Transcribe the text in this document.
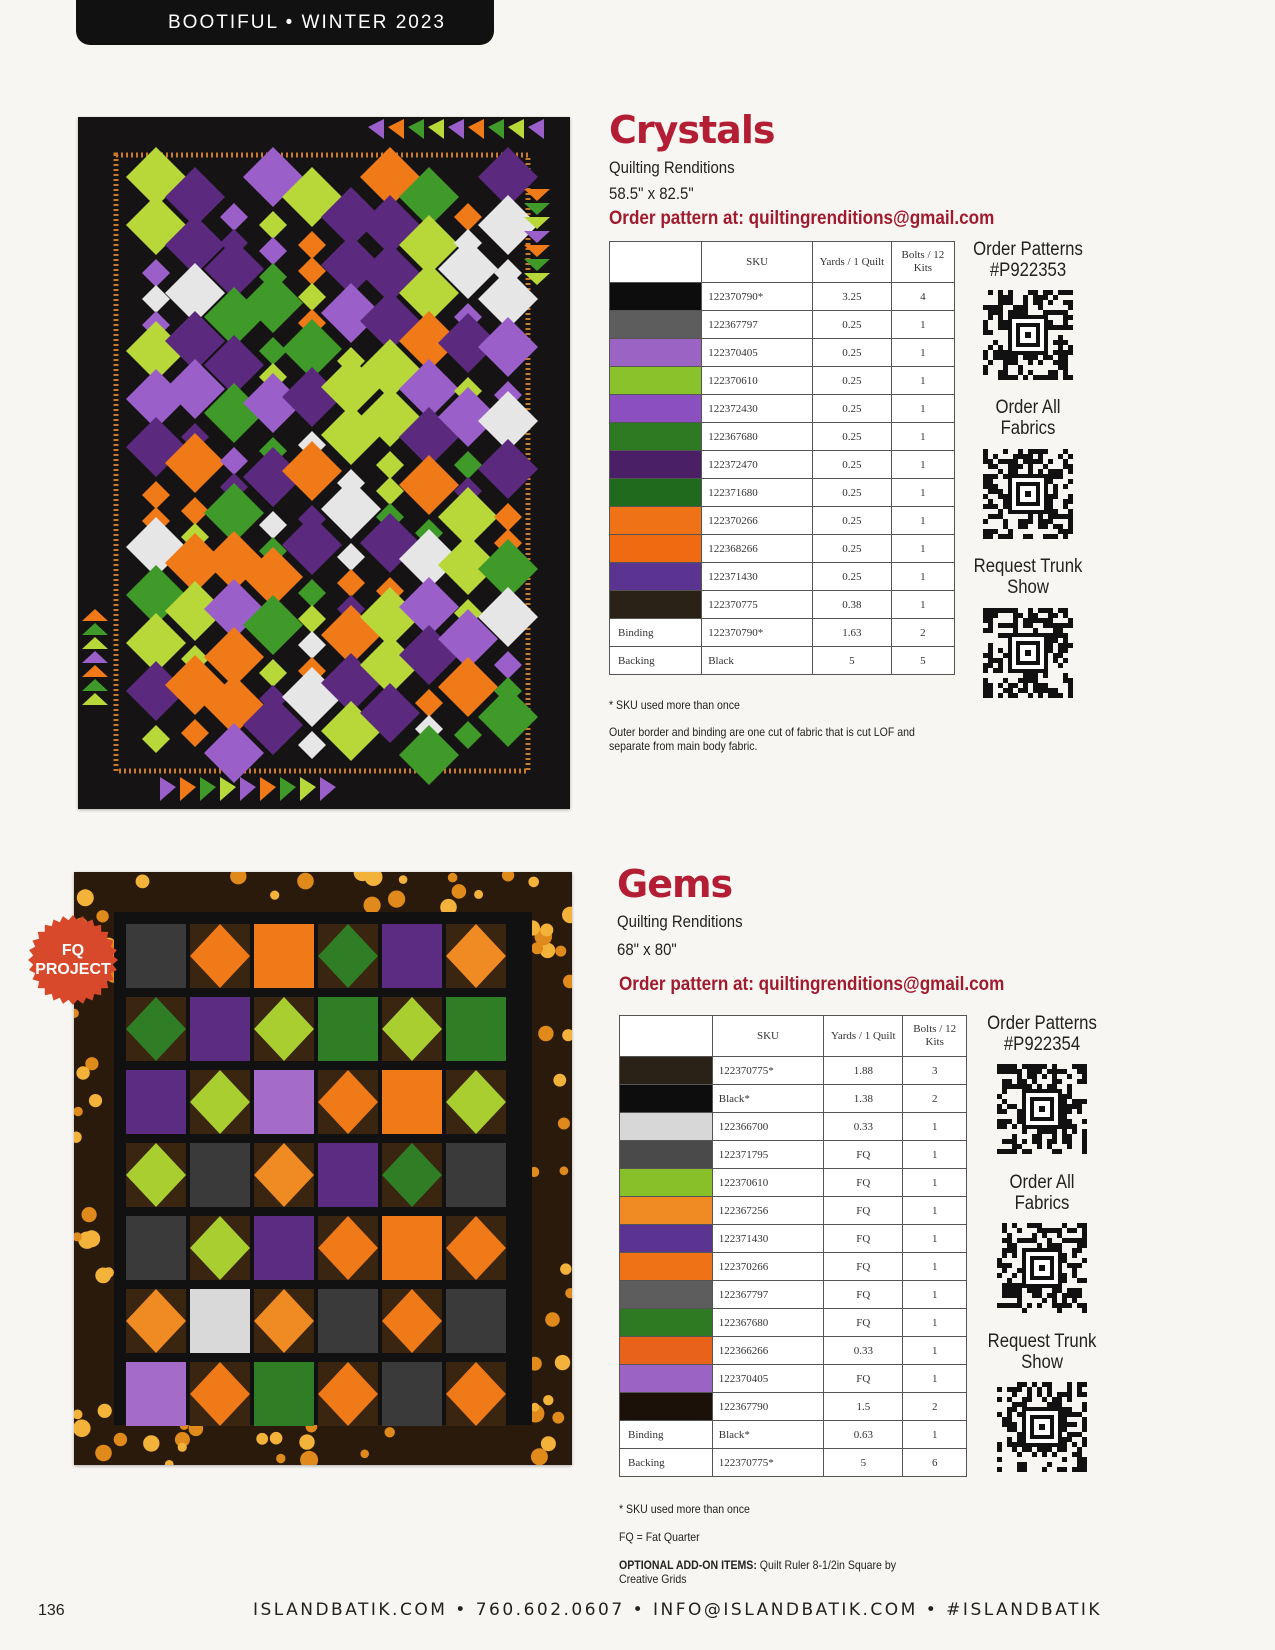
BOOTIFUL • WINTER 2023
Crystals
Quilting Renditions
58.5" x 82.5"
Order pattern at: quiltingrenditions@gmail.com
	SKU	Yards / 1 Quilt	Bolts / 12 Kits
	122370790*	3.25	4
	122367797	0.25	1
	122370405	0.25	1
	122370610	0.25	1
	122372430	0.25	1
	122367680	0.25	1
	122372470	0.25	1
	122371680	0.25	1
	122370266	0.25	1
	122368266	0.25	1
	122371430	0.25	1
	122370775	0.38	1
Binding	122370790*	1.63	2
Backing	Black	5	5
* SKU used more than once
Outer border and binding are one cut of fabric that is cut LOF and separate from main body fabric.
Order Patterns #P922353
Order All Fabrics
Request Trunk Show
FQ
PROJECT
Gems
Quilting Renditions
68" x 80"
Order pattern at: quiltingrenditions@gmail.com
	SKU	Yards / 1 Quilt	Bolts / 12 Kits
	122370775*	1.88	3
	Black*	1.38	2
	122366700	0.33	1
	122371795	FQ	1
	122370610	FQ	1
	122367256	FQ	1
	122371430	FQ	1
	122370266	FQ	1
	122367797	FQ	1
	122367680	FQ	1
	122366266	0.33	1
	122370405	FQ	1
	122367790	1.5	2
Binding	Black*	0.63	1
Backing	122370775*	5	6
* SKU used more than once
FQ = Fat Quarter
OPTIONAL ADD-ON ITEMS: Quilt Ruler 8-1/2in Square by Creative Grids
Order Patterns #P922354
Order All Fabrics
Request Trunk Show
136	ISLANDBATIK.COM • 760.602.0607 • INFO@ISLANDBATIK.COM • #ISLANDBATIK
